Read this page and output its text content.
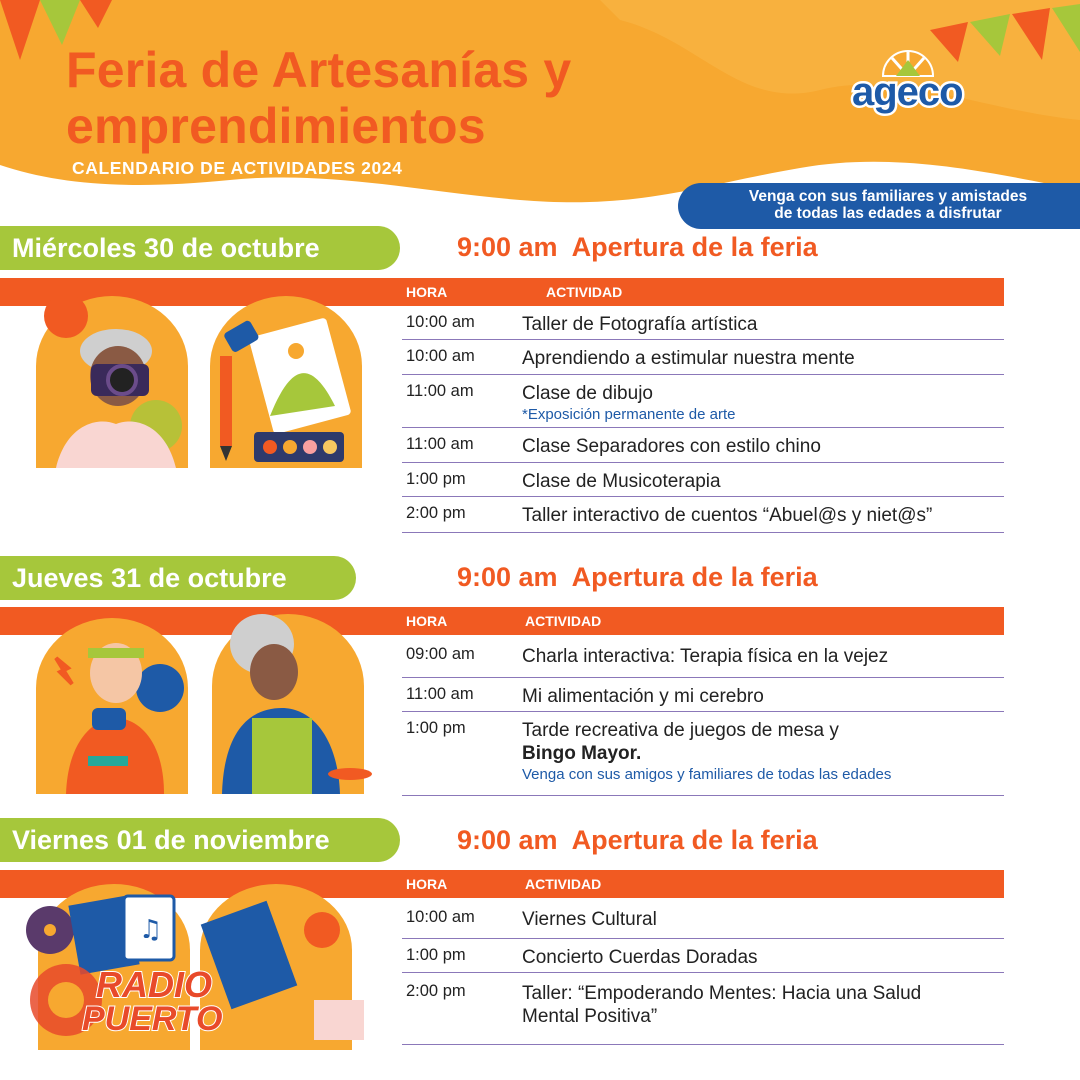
Feria de Artesanías y
emprendimientos
CALENDARIO DE ACTIVIDADES 2024
ageco
Venga con sus familiares y amistades
de todas las edades a disfrutar
Miércoles 30 de octubre	9:00 am Apertura de la feria
HORA	ACTIVIDAD
10:00 am Taller de Fotografía artística
10:00 am Aprendiendo a estimular nuestra mente
11:00 am	Clase de dibujo
*Exposición permanente de arte
11:00 am	Clase Separadores con estilo chino
1:00 pm	Clase de Musicoterapia
2:00 pm	Taller interactivo de cuentos “Abuel@s y niet@s”
Jueves 31 de octubre	9:00 am Apertura de la feria
HORA	ACTIVIDAD
09:00 am Charla interactiva: Terapia física en la vejez
11:00 am	Mi alimentación y mi cerebro
1:00 pm	Tarde recreativa de juegos de mesa y
Bingo Mayor.
Venga con sus amigos y familiares de todas las edades
Viernes 01 de noviembre	9:00 am Apertura de la feria
HORA	ACTIVIDAD
10:00 am Viernes Cultural
1:00 pm	Concierto Cuerdas Doradas
2:00 pm	Taller: “Empoderando Mentes: Hacia una Salud
Mental Positiva”
♫
RADIO
PUERTO
